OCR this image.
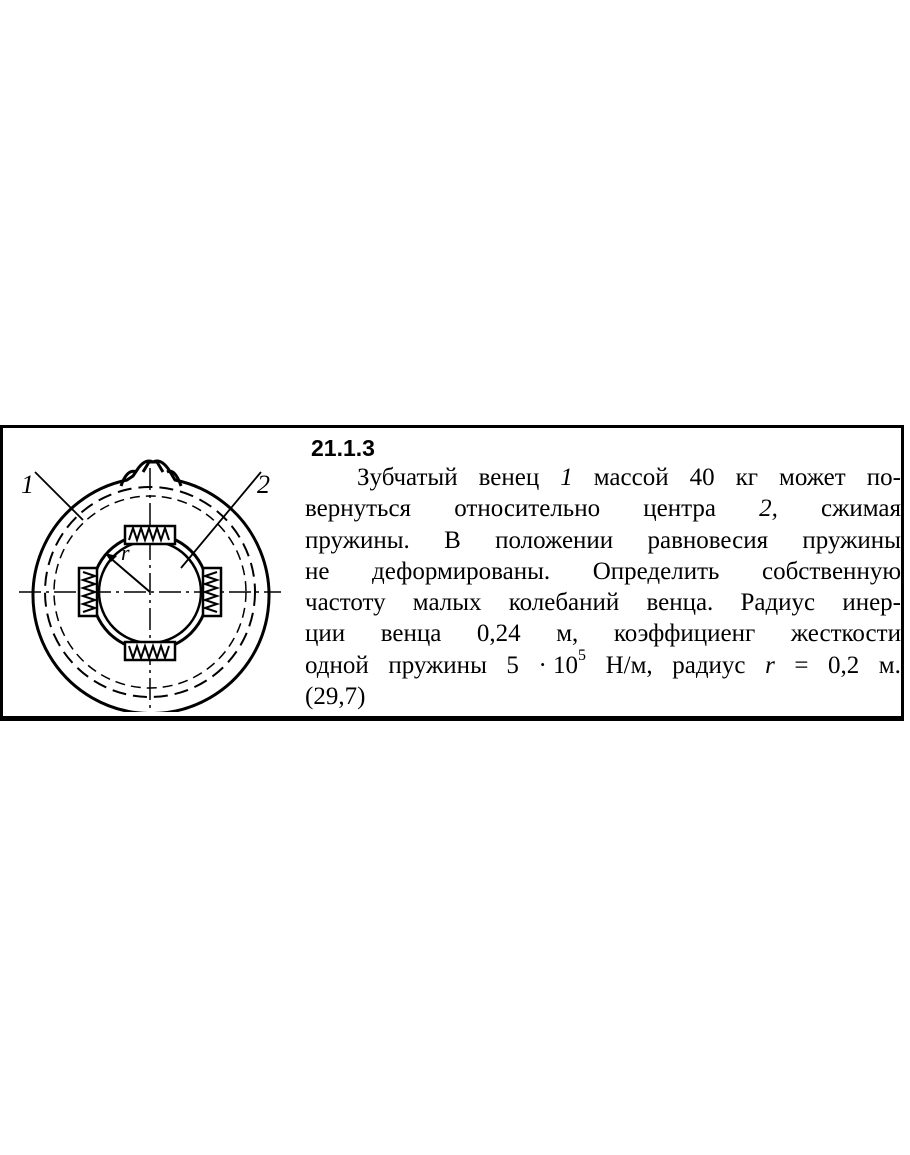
1	2
r
21.1.3
Зубчатый венец 1 массой 40 кг может по-
вернуться относительно центра 2, сжимая
пружины. В положении равновесия пружины
не деформированы. Определить собственную
частоту малых колебаний венца. Радиус инер-
ции венца 0,24 м, коэффициенг жесткости
одной пружины $5 \cdot 10^5$ Н/м, радиус r = 0,2 м.
(29,7)
